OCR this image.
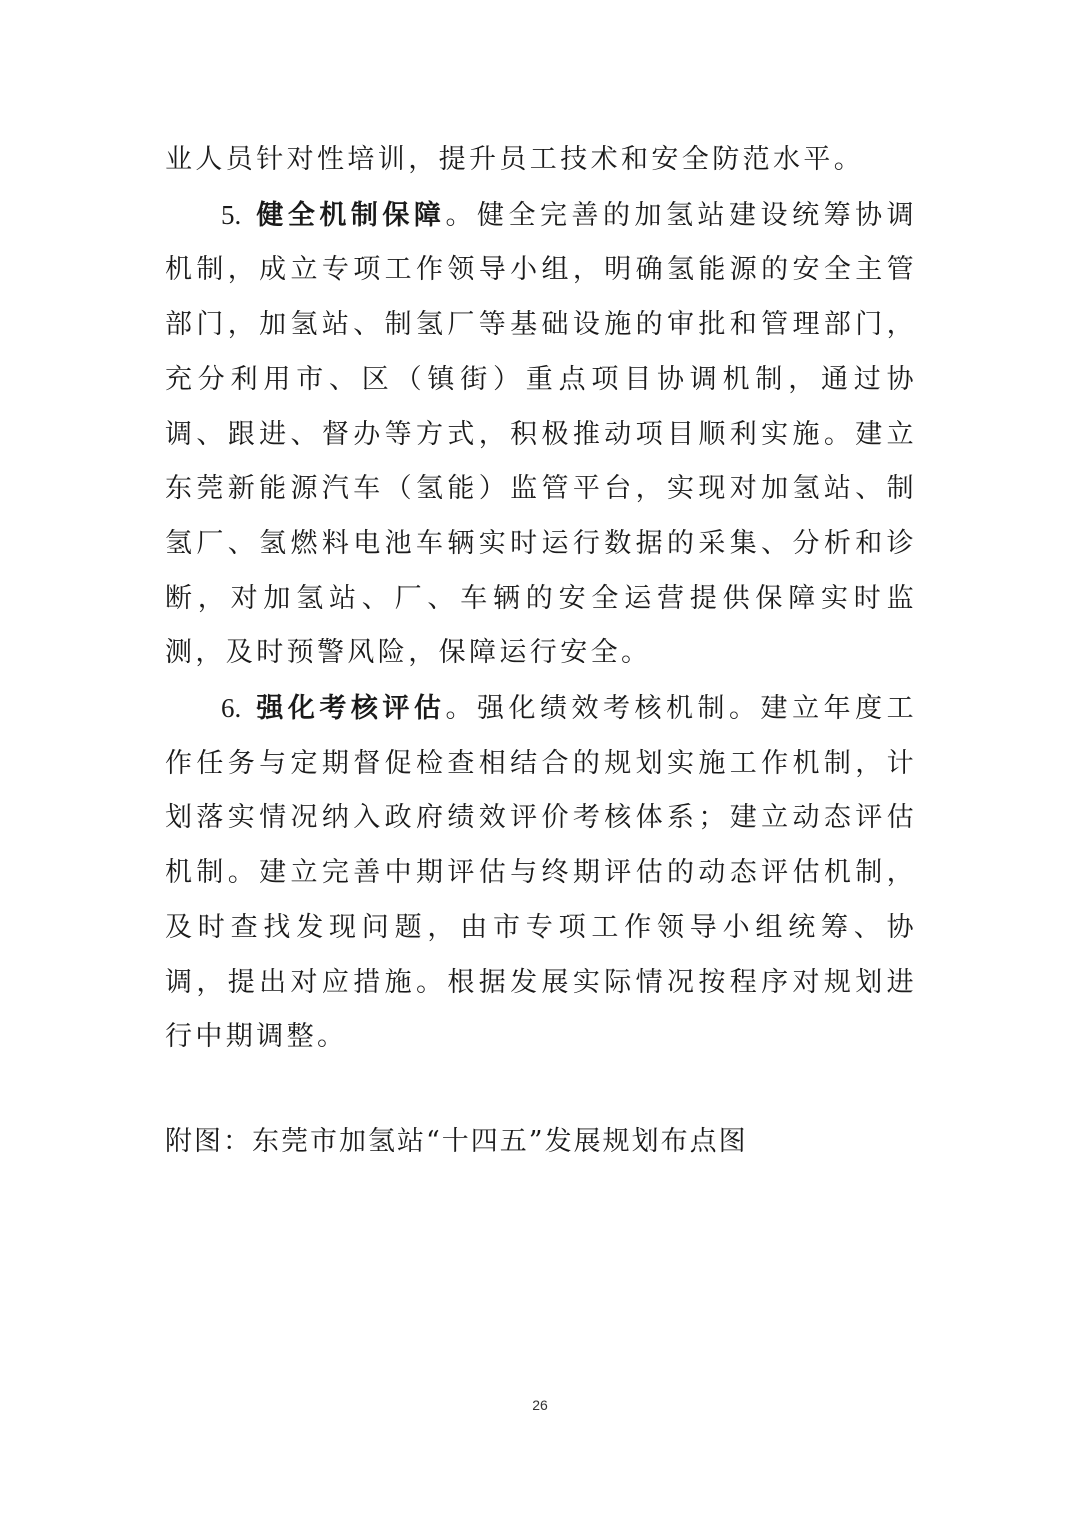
业人员针对性培训，提升员工技术和安全防范水平。

5. 健全机制保障。健全完善的加氢站建设统筹协调机制，成立专项工作领导小组，明确氢能源的安全主管部门，加氢站、制氢厂等基础设施的审批和管理部门，充分利用市、区（镇街）重点项目协调机制，通过协调、跟进、督办等方式，积极推动项目顺利实施。建立东莞新能源汽车（氢能）监管平台，实现对加氢站、制氢厂、氢燃料电池车辆实时运行数据的采集、分析和诊断，对加氢站、厂、车辆的安全运营提供保障实时监测，及时预警风险，保障运行安全。

6. 强化考核评估。强化绩效考核机制。建立年度工作任务与定期督促检查相结合的规划实施工作机制，计划落实情况纳入政府绩效评价考核体系；建立动态评估机制。建立完善中期评估与终期评估的动态评估机制，及时查找发现问题，由市专项工作领导小组统筹、协调，提出对应措施。根据发展实际情况按程序对规划进行中期调整。

附图：东莞市加氢站“十四五”发展规划布点图

26
